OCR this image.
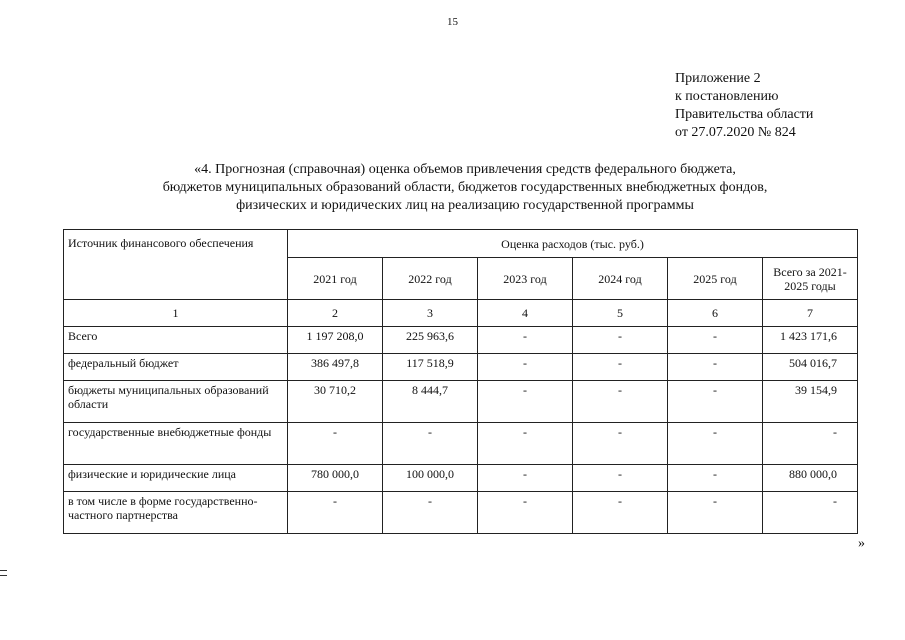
15
Приложение 2
к постановлению
Правительства области
от 27.07.2020 № 824
«4. Прогнозная (справочная) оценка объемов привлечения средств федерального бюджета,
бюджетов муниципальных образований области, бюджетов государственных внебюджетных фондов,
физических и юридических лиц на реализацию государственной программы
Источник финансового обеспечения	Оценка расходов (тыс. руб.)					
	2021 год	2022 год	2023 год	2024 год	2025 год	Всего за 2021-2025 годы
1	2	3	4	5	6	7
Всего	1 197 208,0	225 963,6	-	-	-	1 423 171,6
федеральный бюджет	386 497,8	117 518,9	-	-	-	504 016,7
бюджеты муниципальных образований области	30 710,2	8 444,7	-	-	-	39 154,9
государственные внебюджетные фонды	-	-	-	-	-	-
физические и юридические лица	780 000,0	100 000,0	-	-	-	880 000,0
в том числе в форме государственно-частного партнерства	-	-	-	-	-	-
»
